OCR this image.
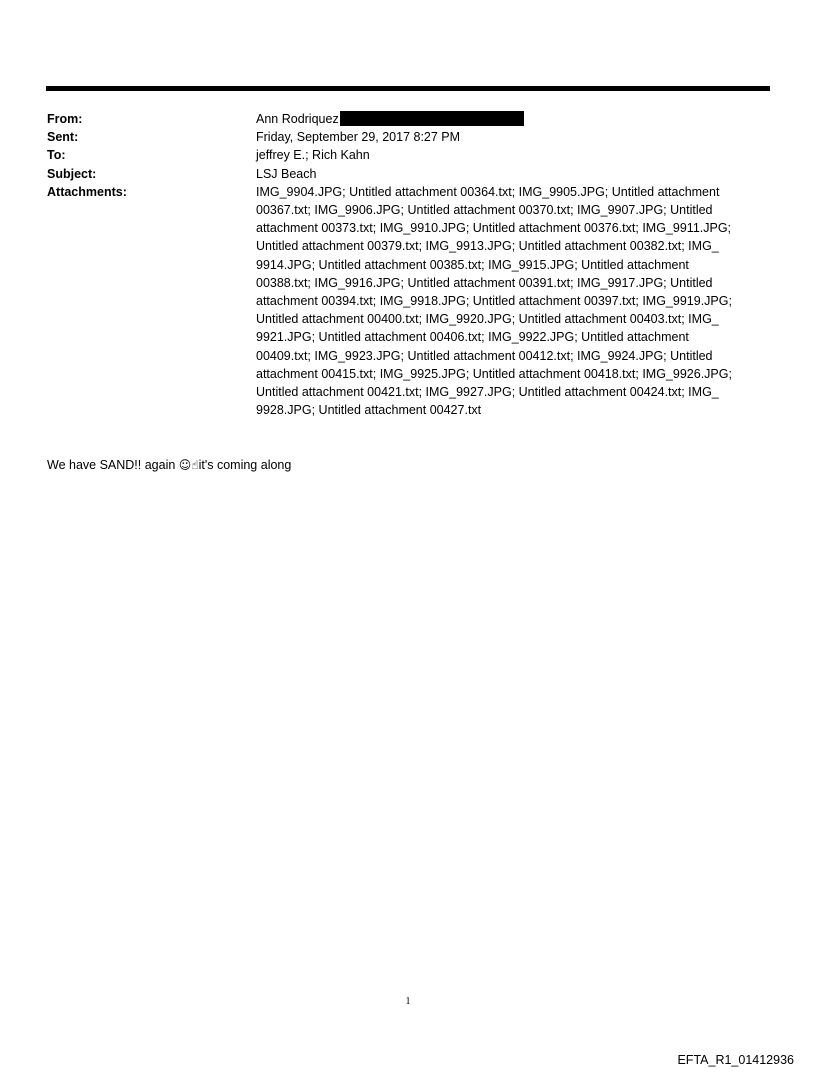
From:	Ann Rodriquez
Sent:	Friday, September 29, 2017 8:27 PM
To:	jeffrey E.; Rich Kahn
Subject:	LSJ Beach
Attachments:	IMG_9904.JPG; Untitled attachment 00364.txt; IMG_9905.JPG; Untitled attachment
00367.txt; IMG_9906.JPG; Untitled attachment 00370.txt; IMG_9907.JPG; Untitled
attachment 00373.txt; IMG_9910.JPG; Untitled attachment 00376.txt; IMG_9911.JPG;
Untitled attachment 00379.txt; IMG_9913.JPG; Untitled attachment 00382.txt; IMG_
9914.JPG; Untitled attachment 00385.txt; IMG_9915.JPG; Untitled attachment
00388.txt; IMG_9916.JPG; Untitled attachment 00391.txt; IMG_9917.JPG; Untitled
attachment 00394.txt; IMG_9918.JPG; Untitled attachment 00397.txt; IMG_9919.JPG;
Untitled attachment 00400.txt; IMG_9920.JPG; Untitled attachment 00403.txt; IMG_
9921.JPG; Untitled attachment 00406.txt; IMG_9922.JPG; Untitled attachment
00409.txt; IMG_9923.JPG; Untitled attachment 00412.txt; IMG_9924.JPG; Untitled
attachment 00415.txt; IMG_9925.JPG; Untitled attachment 00418.txt; IMG_9926.JPG;
Untitled attachment 00421.txt; IMG_9927.JPG; Untitled attachment 00424.txt; IMG_
9928.JPG; Untitled attachment 00427.txt
We have SAND!! again ☺☝it's coming along
1
EFTA_R1_01412936
